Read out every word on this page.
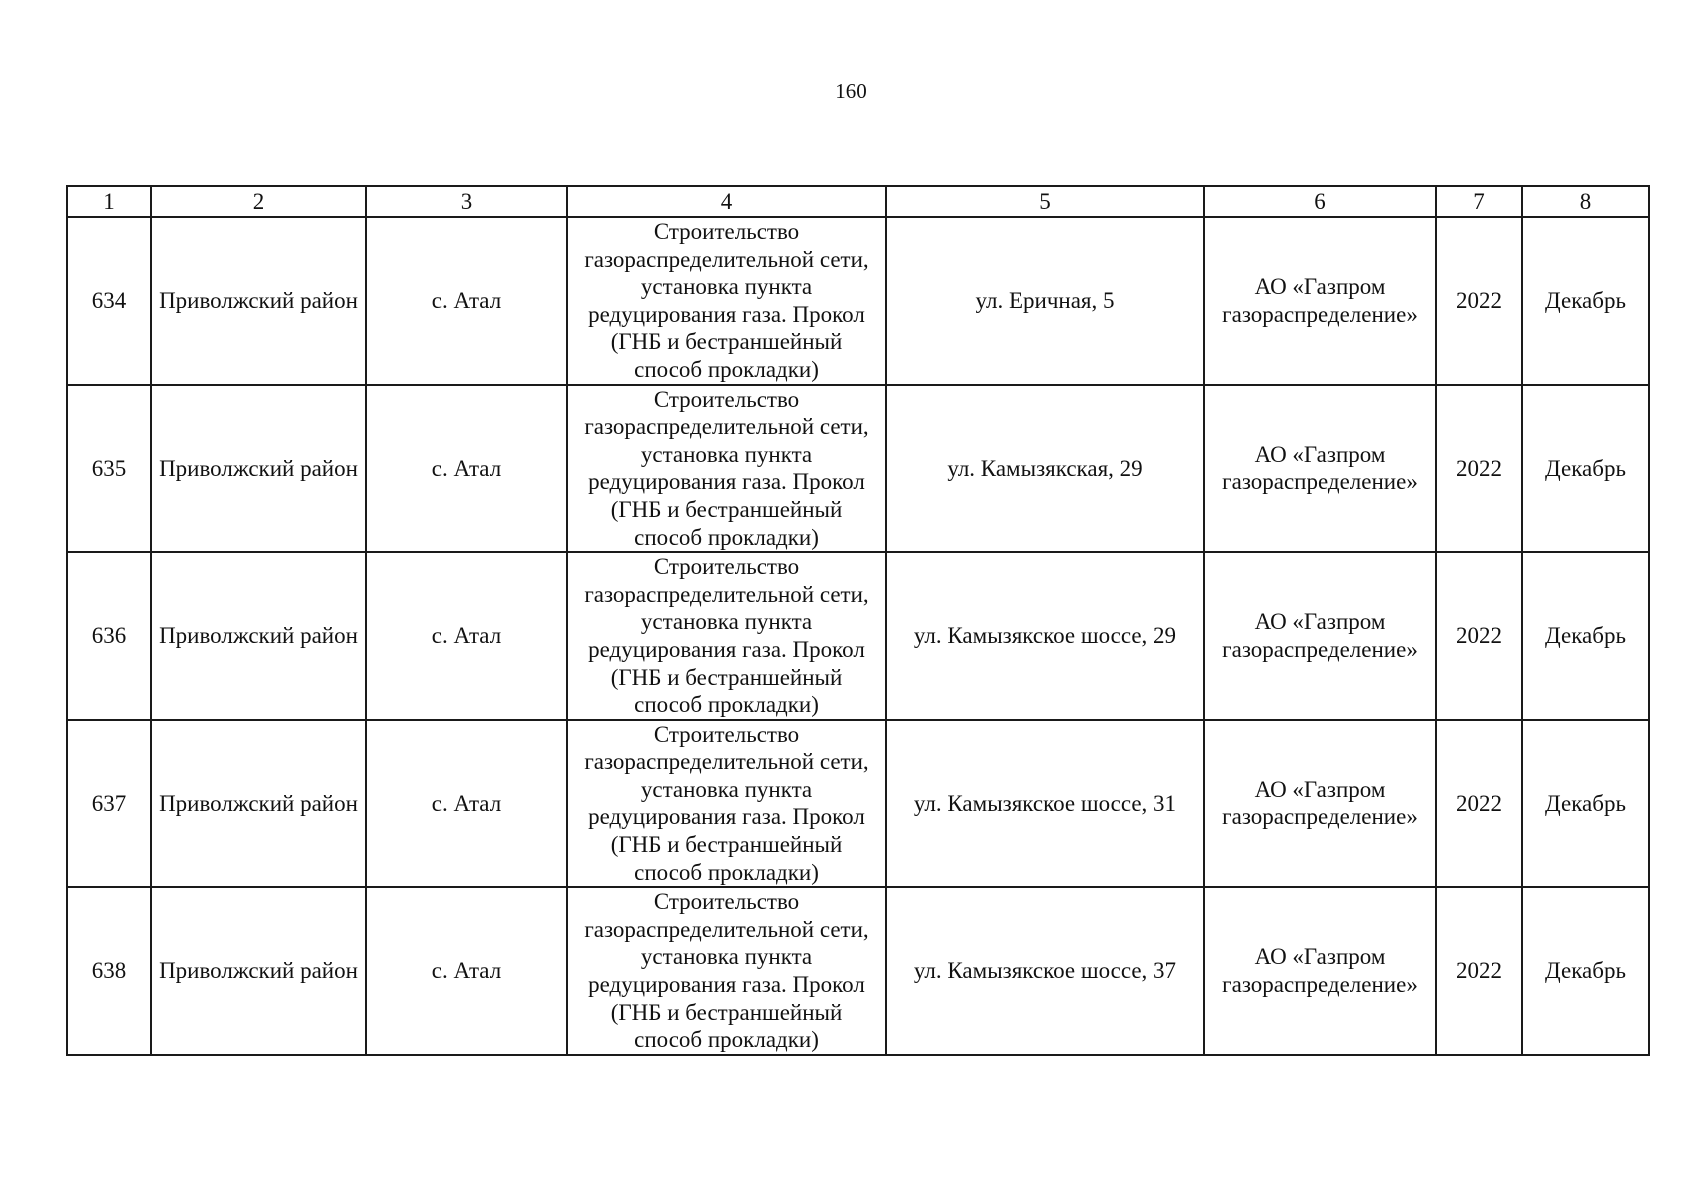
160
1	2	3	4	5	6	7	8
634	Приволжский район	с. Атал	Строительство газораспределительной сети, установка пункта редуцирования газа. Прокол (ГНБ и бестраншейный способ прокладки)	ул. Еричная, 5	АО «Газпром газораспределение»	2022	Декабрь
635	Приволжский район	с. Атал	Строительство газораспределительной сети, установка пункта редуцирования газа. Прокол (ГНБ и бестраншейный способ прокладки)	ул. Камызякская, 29	АО «Газпром газораспределение»	2022	Декабрь
636	Приволжский район	с. Атал	Строительство газораспределительной сети, установка пункта редуцирования газа. Прокол (ГНБ и бестраншейный способ прокладки)	ул. Камызякское шоссе, 29	АО «Газпром газораспределение»	2022	Декабрь
637	Приволжский район	с. Атал	Строительство газораспределительной сети, установка пункта редуцирования газа. Прокол (ГНБ и бестраншейный способ прокладки)	ул. Камызякское шоссе, 31	АО «Газпром газораспределение»	2022	Декабрь
638	Приволжский район	с. Атал	Строительство газораспределительной сети, установка пункта редуцирования газа. Прокол (ГНБ и бестраншейный способ прокладки)	ул. Камызякское шоссе, 37	АО «Газпром газораспределение»	2022	Декабрь
